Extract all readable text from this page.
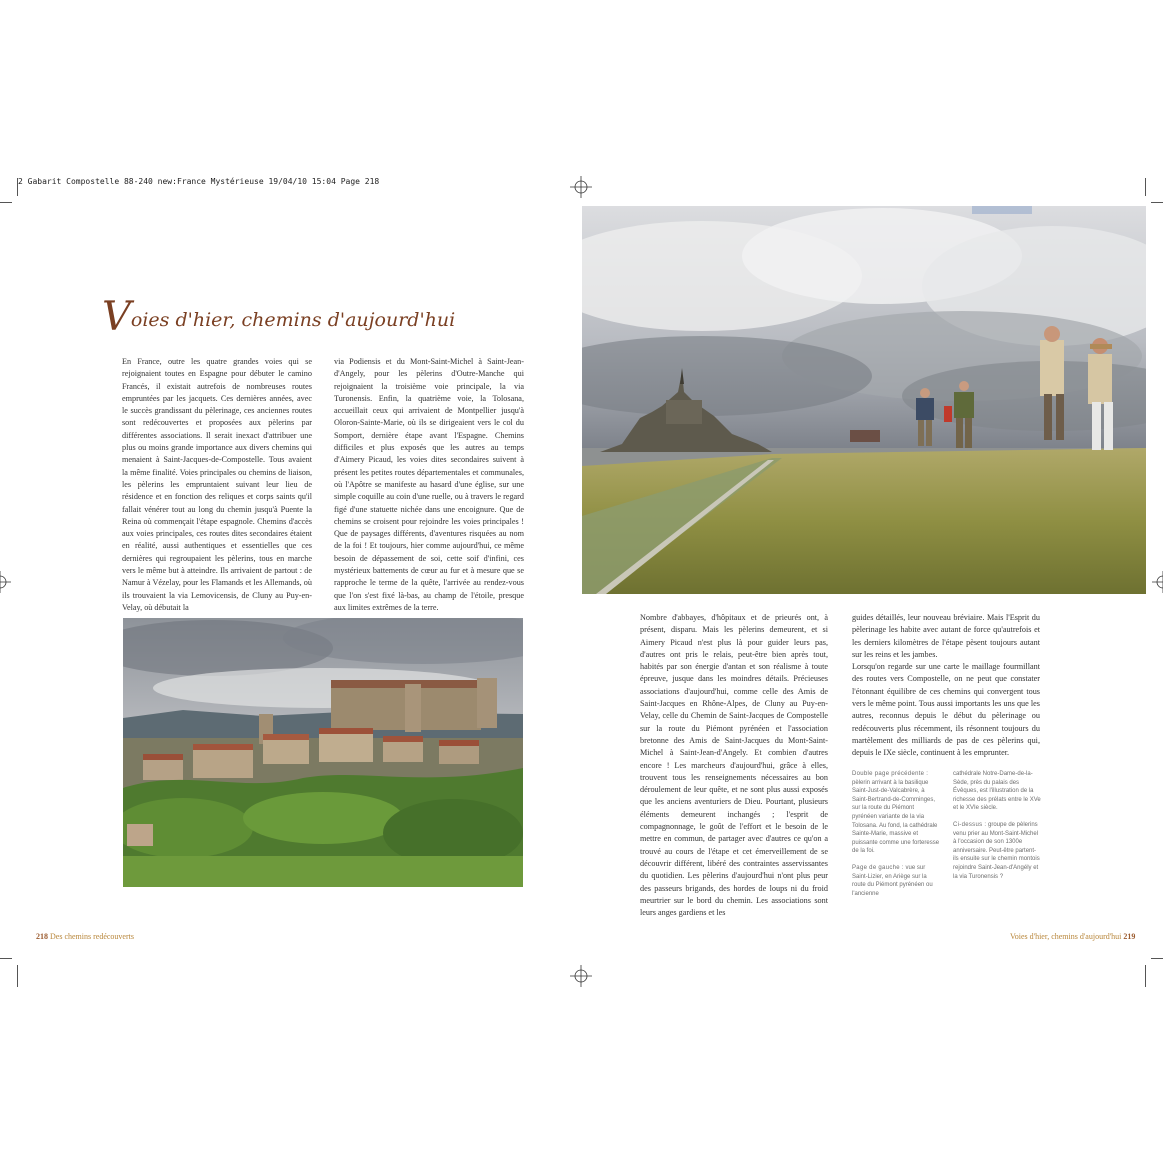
2 Gabarit Compostelle 88-240 new:France Mystérieuse 19/04/10 15:04 Page 218
Voies d'hier, chemins d'aujourd'hui

En France, outre les quatre grandes voies qui se rejoignaient toutes en Espagne pour débuter le camino Francés, il existait autrefois de nombreuses routes empruntées par les jacquets. Ces dernières années, avec le succès grandissant du pèlerinage, ces anciennes routes sont redécouvertes et proposées aux pèlerins par différentes associations. Il serait inexact d'attribuer une plus ou moins grande importance aux divers chemins qui menaient à Saint-Jacques-de-Compostelle. Tous avaient la même finalité. Voies principales ou chemins de liaison, les pèlerins les empruntaient suivant leur lieu de résidence et en fonction des reliques et corps saints qu'il fallait vénérer tout au long du chemin jusqu'à Puente la Reina où commençait l'étape espagnole. Chemins d'accès aux voies principales, ces routes dites secondaires étaient en réalité, aussi authentiques et essentielles que ces dernières qui regroupaient les pèlerins, tous en marche vers le même but à atteindre. Ils arrivaient de partout : de Namur à Vézelay, pour les Flamands et les Allemands, où ils trouvaient la via Lemovicensis, de Cluny au Puy-en-Velay, où débutait la

via Podiensis et du Mont-Saint-Michel à Saint-Jean-d'Angely, pour les pèlerins d'Outre-Manche qui rejoignaient la troisième voie principale, la via Turonensis. Enfin, la quatrième voie, la Tolosana, accueillait ceux qui arrivaient de Montpellier jusqu'à Oloron-Sainte-Marie, où ils se dirigeaient vers le col du Somport, dernière étape avant l'Espagne. Chemins difficiles et plus exposés que les autres au temps d'Aimery Picaud, les voies dites secondaires suivent à présent les petites routes départementales et communales, où l'Apôtre se manifeste au hasard d'une église, sur une simple coquille au coin d'une ruelle, ou à travers le regard figé d'une statuette nichée dans une encoignure. Que de chemins se croisent pour rejoindre les voies principales ! Que de paysages différents, d'aventures risquées au nom de la foi ! Et toujours, hier comme aujourd'hui, ce même besoin de dépassement de soi, cette soif d'infini, ces mystérieux battements de cœur au fur et à mesure que se rapproche le terme de la quête, l'arrivée au rendez-vous que l'on s'est fixé là-bas, au champ de l'étoile, presque aux limites extrêmes de la terre.

Nombre d'abbayes, d'hôpitaux et de prieurés ont, à présent, disparu. Mais les pèlerins demeurent, et si Aimery Picaud n'est plus là pour guider leurs pas, d'autres ont pris le relais, peut-être bien après tout, habités par son énergie d'antan et son réalisme à toute épreuve, jusque dans les moindres détails. Précieuses associations d'aujourd'hui, comme celle des Amis de Saint-Jacques en Rhône-Alpes, de Cluny au Puy-en-Velay, celle du Chemin de Saint-Jacques de Compostelle sur la route du Piémont pyrénéen et l'association bretonne des Amis de Saint-Jacques du Mont-Saint-Michel à Saint-Jean-d'Angely. Et combien d'autres encore ! Les marcheurs d'aujourd'hui, grâce à elles, trouvent tous les renseignements nécessaires au bon déroulement de leur quête, et ne sont plus aussi exposés que les anciens aventuriers de Dieu. Pourtant, plusieurs éléments demeurent inchangés ; l'esprit de compagnonnage, le goût de l'effort et le besoin de le mettre en commun, de partager avec d'autres ce qu'on a trouvé au cours de l'étape et cet émerveillement de se découvrir différent, libéré des contraintes asservissantes du quotidien. Les pèlerins d'aujourd'hui n'ont plus peur des passeurs brigands, des hordes de loups ni du froid meurtrier sur le bord du chemin. Les associations sont leurs anges gardiens et les

guides détaillés, leur nouveau bréviaire. Mais l'Esprit du pèlerinage les habite avec autant de force qu'autrefois et les derniers kilomètres de l'étape pèsent toujours autant sur les reins et les jambes.

Lorsqu'on regarde sur une carte le maillage fourmillant des routes vers Compostelle, on ne peut que constater l'étonnant équilibre de ces chemins qui convergent tous vers le même point. Tous aussi importants les uns que les autres, reconnus depuis le début du pèlerinage ou redécouverts plus récemment, ils résonnent toujours du martèlement des milliards de pas de ces pèlerins qui, depuis le IXe siècle, continuent à les emprunter.

Double page précédente : pèlerin arrivant à la basilique Saint-Just-de-Valcabrère, à Saint-Bertrand-de-Comminges, sur la route du Piémont pyrénéen variante de la via Tolosana. Au fond, la cathédrale Sainte-Marie, massive et puissante comme une forteresse de la foi.

Page de gauche : vue sur Saint-Lizier, en Ariège sur la route du Piémont pyrénéen ou l'ancienne

cathédrale Notre-Dame-de-la-Sède, près du palais des Évêques, est l'illustration de la richesse des prélats entre le XVe et le XVIe siècle.

Ci-dessus : groupe de pèlerins venu prier au Mont-Saint-Michel à l'occasion de son 1300e anniversaire. Peut-être partent-ils ensuite sur le chemin montois rejoindre Saint-Jean-d'Angély et la via Turonensis ?

218 Des chemins redécouverts	Voies d'hier, chemins d'aujourd'hui 219
